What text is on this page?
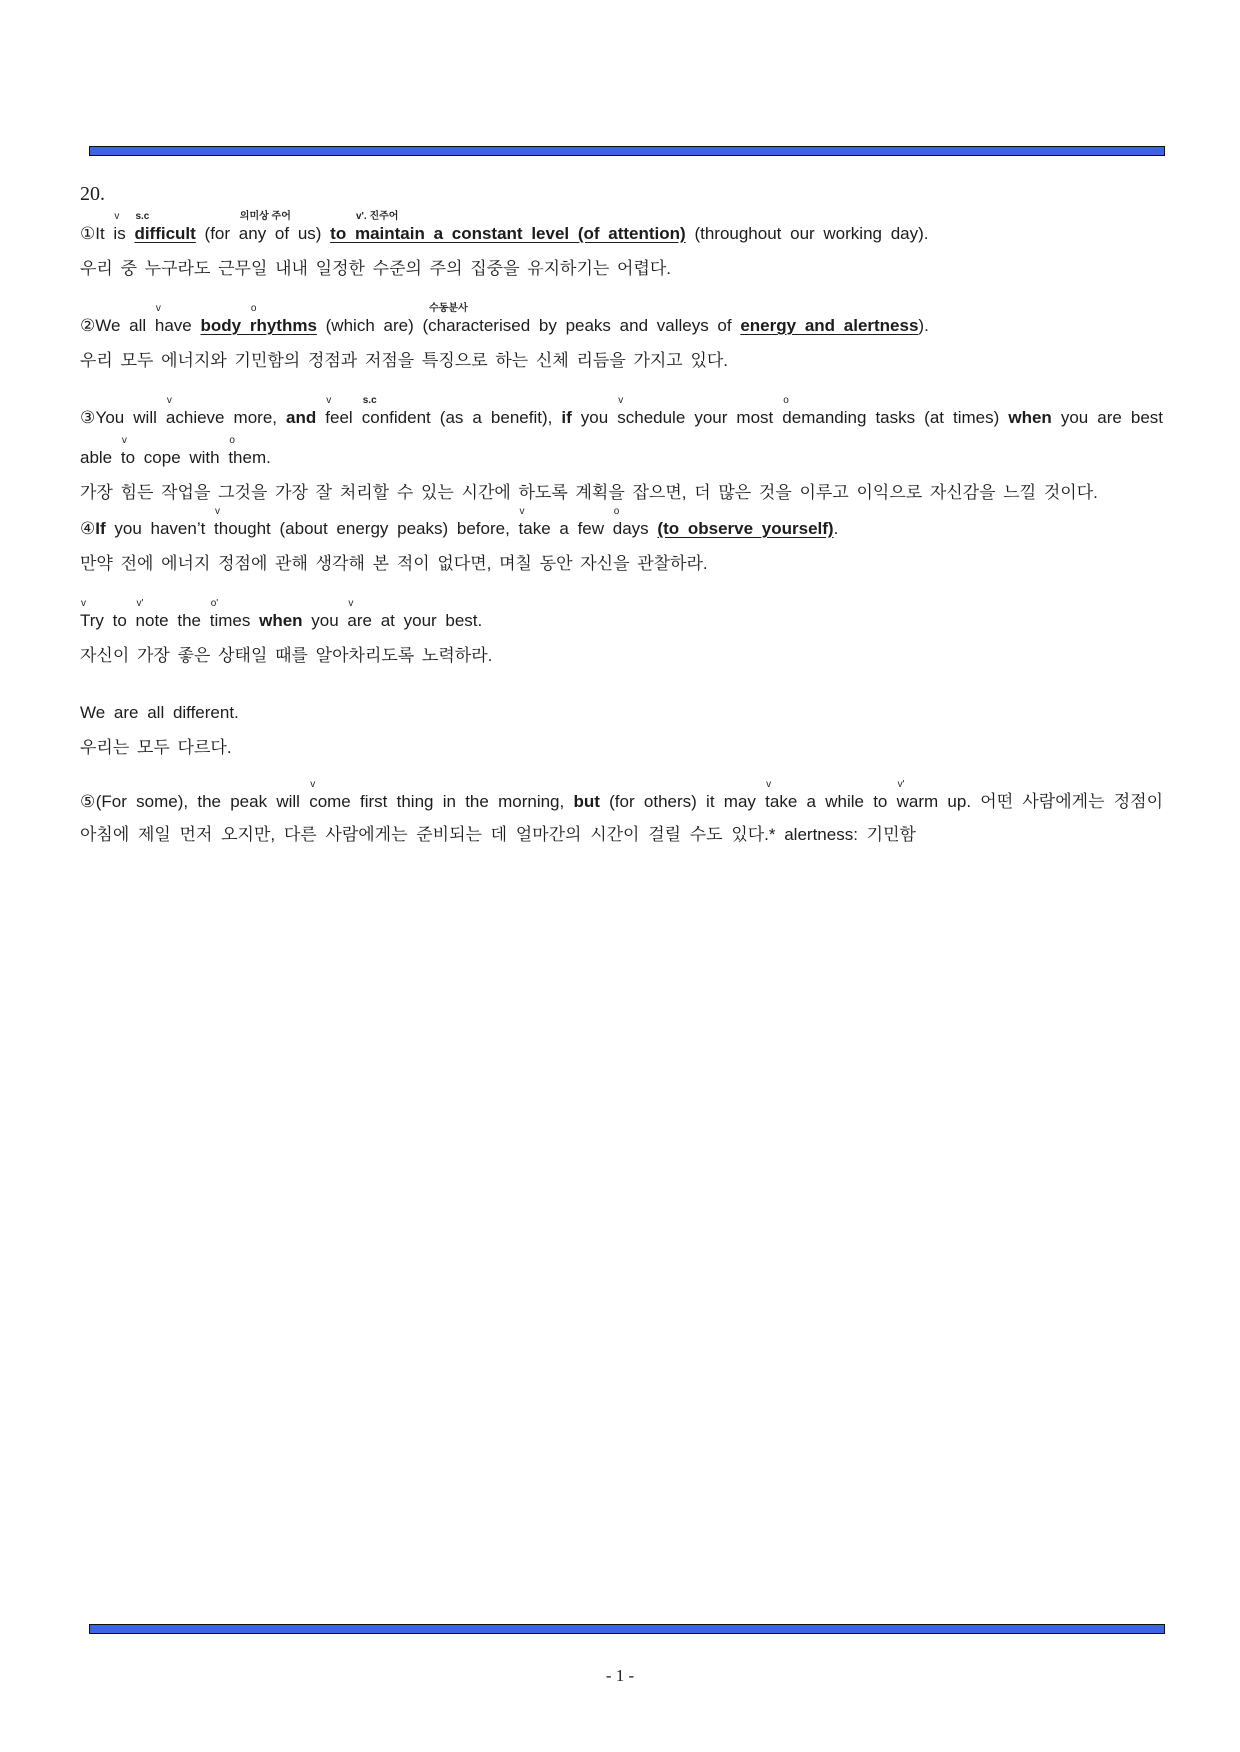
20.

①It is
v
difficult
s.c
(for any
의미상 주어
of us) to maintain a constant level (of attention)
v'. 진주어
(throughout our working day).

우리 중 누구라도 근무일 내내 일정한 수준의 주의 집중을 유지하기는 어렵다.

②We all have
v
body rhythms
o
(which are) (characterised
수동분사
by peaks and valleys of energy and alertness).

우리 모두 에너지와 기민함의 정점과 저점을 특징으로 하는 신체 리듬을 가지고 있다.

③You will achieve
v
more, and feel
v
confident
s.c
(as a benefit), if you schedule
v
your most demanding
o
tasks (at times) when you are best able to
v
cope with them
o
.

가장 힘든 작업을 그것을 가장 잘 처리할 수 있는 시간에 하도록 계획을 잡으면, 더 많은 것을 이루고 이익으로 자신감을 느낄 것이다.

④If you haven’t thought
v
(about energy peaks) before, take
v
a few days
o
(to observe yourself).

만약 전에 에너지 정점에 관해 생각해 본 적이 없다면, 며칠 동안 자신을 관찰하라.

Try
v
to note
v'
the times
o'
when you are
v
at your best.

자신이 가장 좋은 상태일 때를 알아차리도록 노력하라.

We are all different.

우리는 모두 다르다.

⑤(For some), the peak will come
v
first thing in the morning, but (for others) it may take
v
a while to warm
v'
up. 어떤 사람에게는 정점이 아침에 제일 먼저 오지만, 다른 사람에게는 준비되는 데 얼마간의 시간이 걸릴 수도 있다.* alertness: 기민함

- 1 -
